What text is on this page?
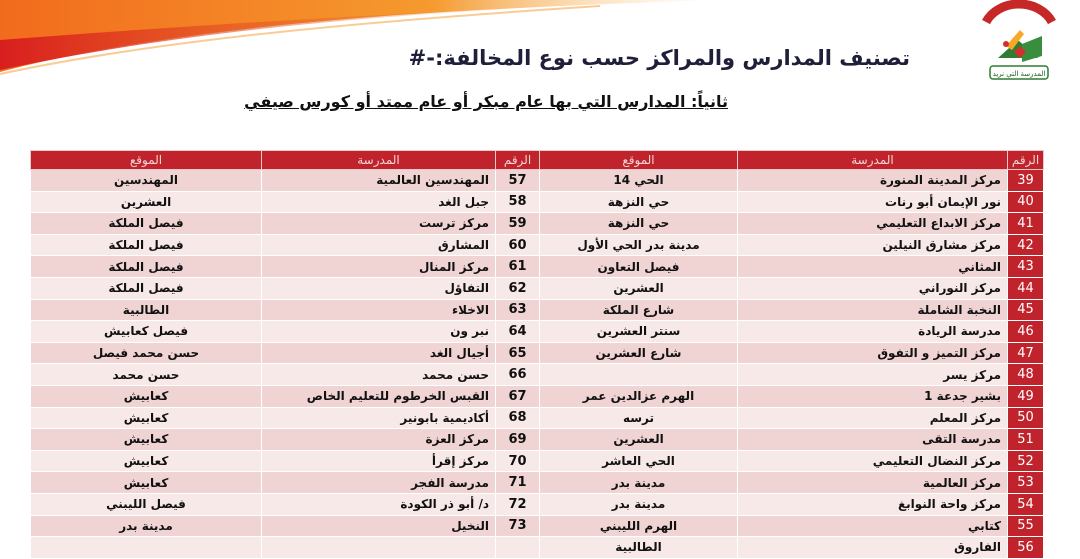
المدرسة التي نريد
تصنيف المدارس والمراكز حسب نوع المخالفة:-#
ثانياً: المدارس التي بها عام مبكر أو عام ممتد أو كورس صيفي
الرقم	المدرسة	الموقع	الرقم	المدرسة	الموقع
39	مركز المدينة المنورة	الحي 14	57	المهندسين العالمية	المهندسين
40	نور الإيمان أبو رنات	حي النزهة	58	جبل الغد	العشرين
41	مركز الابداع التعليمي	حي النزهة	59	مركز ترست	فيصل الملكة
42	مركز مشارق النيلين	مدينة بدر الحي الأول	60	المشارق	فيصل الملكة
43	المثاني	فيصل التعاون	61	مركز المنال	فيصل الملكة
44	مركز النوراني	العشرين	62	التفاؤل	فيصل الملكة
45	النخبة الشاملة	شارع الملكة	63	الاخلاء	الطالبية
46	مدرسة الريادة	سنتر العشرين	64	نبر ون	فيصل كعابيش
47	مركز التميز و التفوق	شارع العشرين	65	أجيال الغد	حسن محمد فيصل
48	مركز يسر		66	حسن محمد	حسن محمد
49	بشير جدعة 1	الهرم عزالدين عمر	67	القبس الخرطوم للتعليم الخاص	كعابيش
50	مركز المعلم	ترسه	68	أكاديمية بابونير	كعابيش
51	مدرسة التقى	العشرين	69	مركز العزة	كعابيش
52	مركز النضال التعليمي	الحي العاشر	70	مركز إقرأ	كعابيش
53	مركز العالمية	مدينة بدر	71	مدرسة الفجر	كعابيش
54	مركز واحة النوابغ	مدينة بدر	72	د/ أبو ذر الكودة	فيصل الليبني
55	كتابي	الهرم الليبني	73	النخيل	مدينة بدر
56	الفاروق	الطالبية			
